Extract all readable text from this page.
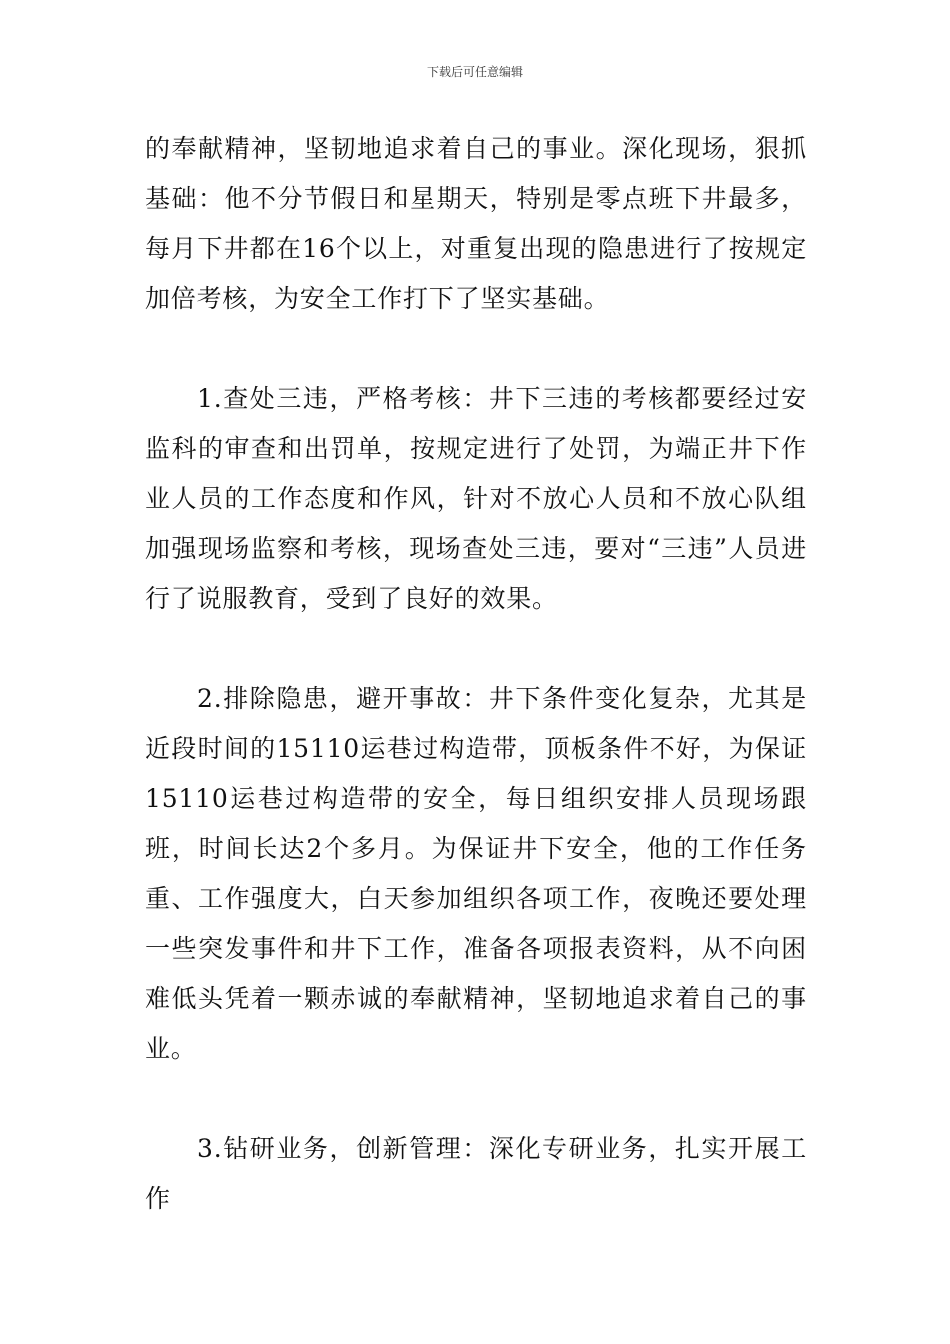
下载后可任意编辑

的奉献精神，坚韧地追求着自己的事业。深化现场，狠抓基础：他不分节假日和星期天，特别是零点班下井最多，每月下井都在16个以上，对重复出现的隐患进行了按规定加倍考核，为安全工作打下了坚实基础。

1.查处三违，严格考核：井下三违的考核都要经过安监科的审查和出罚单，按规定进行了处罚，为端正井下作业人员的工作态度和作风，针对不放心人员和不放心队组加强现场监察和考核，现场查处三违，要对“三违”人员进行了说服教育，受到了良好的效果。

2.排除隐患，避开事故：井下条件变化复杂，尤其是近段时间的15110运巷过构造带，顶板条件不好，为保证15110运巷过构造带的安全，每日组织安排人员现场跟班，时间长达2个多月。为保证井下安全，他的工作任务重、工作强度大，白天参加组织各项工作，夜晚还要处理一些突发事件和井下工作，准备各项报表资料，从不向困难低头凭着一颗赤诚的奉献精神，坚韧地追求着自己的事业。

3.钻研业务，创新管理：深化专研业务，扎实开展工作
